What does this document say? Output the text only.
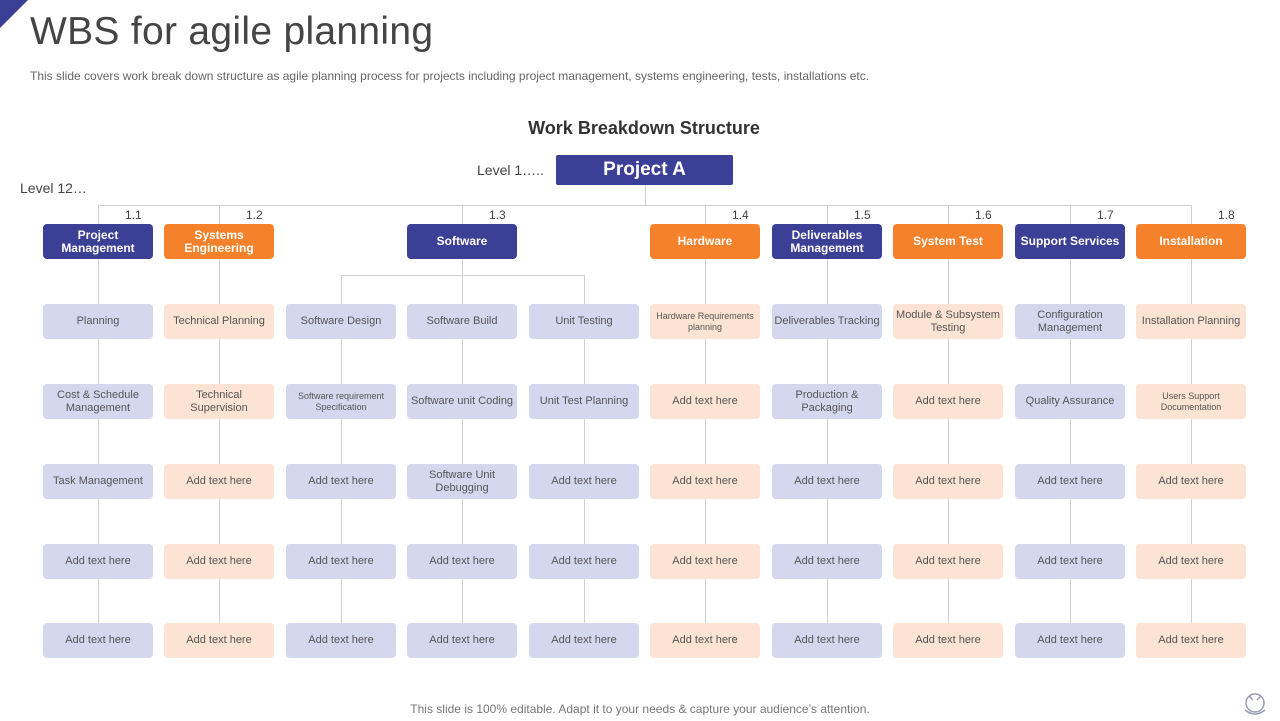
WBS for agile planning
This slide covers work break down structure as agile planning process for projects including project management, systems engineering, tests, installations etc.
Work Breakdown Structure
Level 1…..
Level 12…
1.1
Project Management
Planning
Cost & Schedule Management
Task Management
Add text here
Add text here
1.2
Systems Engineering
Technical Planning
Technical Supervision
Add text here
Add text here
Add text here
Software Design
Software requirement Specification
Add text here
Add text here
Add text here
1.3
Software
Software Build
Software unit Coding
Software Unit Debugging
Add text here
Add text here
Unit Testing
Unit Test Planning
Add text here
Add text here
Add text here
1.4
Hardware
Hardware Requirements planning
Add text here
Add text here
Add text here
Add text here
1.5
Deliverables Management
Deliverables Tracking
Production & Packaging
Add text here
Add text here
Add text here
1.6
System Test
Module & Subsystem Testing
Add text here
Add text here
Add text here
Add text here
1.7
Support Services
Configuration Management
Quality Assurance
Add text here
Add text here
Add text here
1.8
Installation
Installation Planning
Users Support Documentation
Add text here
Add text here
Add text here
Project A
This slide is 100% editable. Adapt it to your needs & capture your audience’s attention.
